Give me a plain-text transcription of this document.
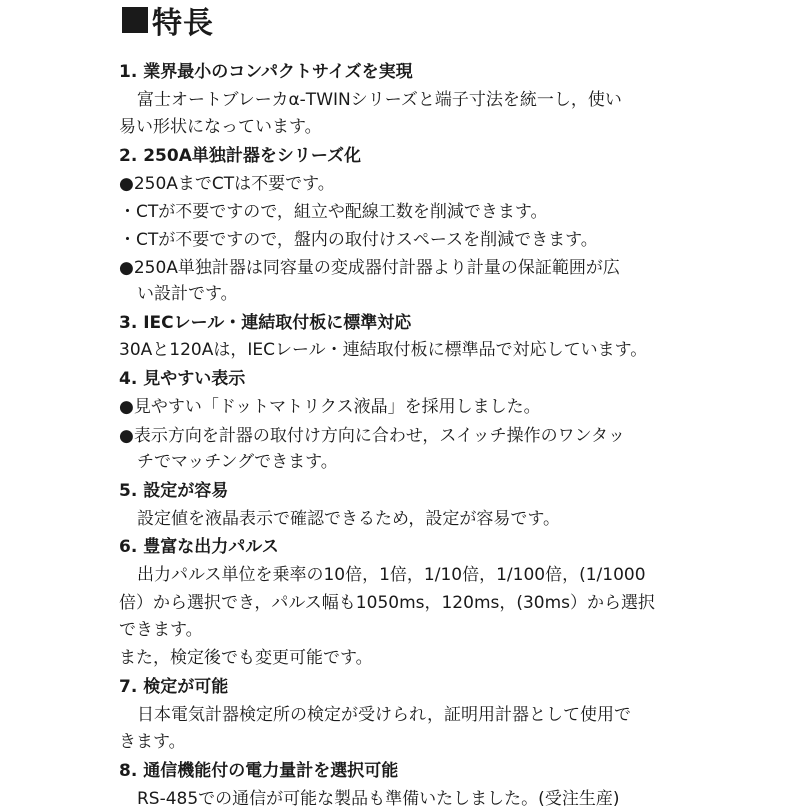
特長
1. 業界最小のコンパクトサイズを実現
富士オートブレーカα-TWINシリーズと端子寸法を統一し，使い
易い形状になっています。
2. 250A単独計器をシリーズ化
●250AまでCTは不要です。
・CTが不要ですので，組立や配線工数を削減できます。
・CTが不要ですので，盤内の取付けスペースを削減できます。
●250A単独計器は同容量の変成器付計器より計量の保証範囲が広
い設計です。
3. IECレール・連結取付板に標準対応
30Aと120Aは，IECレール・連結取付板に標準品で対応しています。
4. 見やすい表示
●見やすい「ドットマトリクス液晶」を採用しました。
●表示方向を計器の取付け方向に合わせ，スイッチ操作のワンタッ
チでマッチングできます。
5. 設定が容易
設定値を液晶表示で確認できるため，設定が容易です。
6. 豊富な出力パルス
出力パルス単位を乗率の10倍，1倍，1/10倍，1/100倍，(1/1000
倍）から選択でき，パルス幅も1050ms，120ms，(30ms）から選択
できます。
また，検定後でも変更可能です。
7. 検定が可能
日本電気計器検定所の検定が受けられ，証明用計器として使用で
きます。
8. 通信機能付の電力量計を選択可能
RS-485での通信が可能な製品も準備いたしました。(受注生産)
